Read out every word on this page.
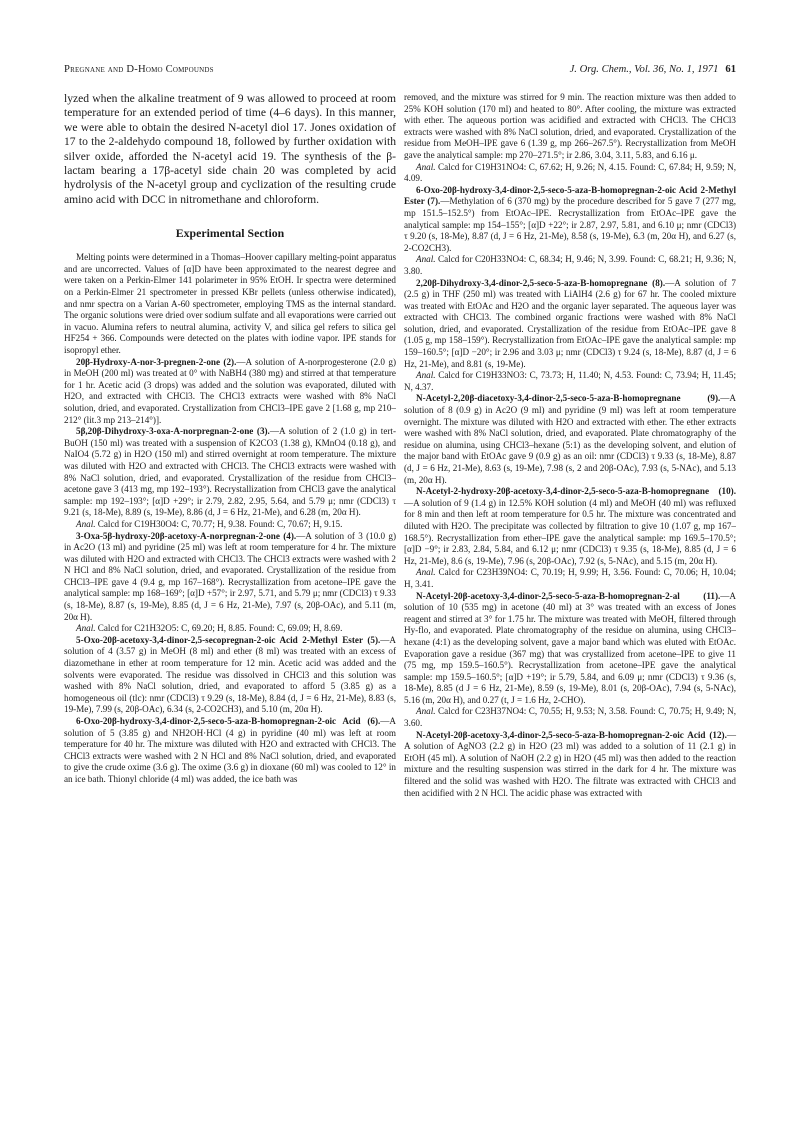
Pregnane and D-Homo Compounds	J. Org. Chem., Vol. 36, No. 1, 1971 61

lyzed when the alkaline treatment of 9 was allowed to proceed at room temperature for an extended period of time (4–6 days). In this manner, we were able to obtain the desired N-acetyl diol 17. Jones oxidation of 17 to the 2-aldehydo compound 18, followed by further oxidation with silver oxide, afforded the N-acetyl acid 19. The synthesis of the β-lactam bearing a 17β-acetyl side chain 20 was completed by acid hydrolysis of the N-acetyl group and cyclization of the resulting crude amino acid with DCC in nitromethane and chloroform.

Experimental Section

Melting points were determined in a Thomas–Hoover capillary melting-point apparatus and are uncorrected. Values of [α]D have been approximated to the nearest degree and were taken on a Perkin-Elmer 141 polarimeter in 95% EtOH. Ir spectra were determined on a Perkin-Elmer 21 spectrometer in pressed KBr pellets (unless otherwise indicated), and nmr spectra on a Varian A-60 spectrometer, employing TMS as the internal standard. The organic solutions were dried over sodium sulfate and all evaporations were carried out in vacuo. Alumina refers to neutral alumina, activity V, and silica gel refers to silica gel HF254 + 366. Compounds were detected on the plates with iodine vapor. IPE stands for isopropyl ether.

20β-Hydroxy-A-nor-3-pregnen-2-one (2).—A solution of A-norprogesterone (2.0 g) in MeOH (200 ml) was treated at 0° with NaBH4 (380 mg) and stirred at that temperature for 1 hr. Acetic acid (3 drops) was added and the solution was evaporated, diluted with H2O, and extracted with CHCl3. The CHCl3 extracts were washed with 8% NaCl solution, dried, and evaporated. Crystallization from CHCl3–IPE gave 2 [1.68 g, mp 210–212° (lit.3 mp 213–214°)].

5β,20β-Dihydroxy-3-oxa-A-norpregnan-2-one (3).—A solution of 2 (1.0 g) in tert-BuOH (150 ml) was treated with a suspension of K2CO3 (1.38 g), KMnO4 (0.18 g), and NaIO4 (5.72 g) in H2O (150 ml) and stirred overnight at room temperature. The mixture was diluted with H2O and extracted with CHCl3. The CHCl3 extracts were washed with 8% NaCl solution, dried, and evaporated. Crystallization of the residue from CHCl3–acetone gave 3 (413 mg, mp 192–193°). Recrystallization from CHCl3 gave the analytical sample: mp 192–193°; [α]D +29°; ir 2.79, 2.82, 2.95, 5.64, and 5.79 μ; nmr (CDCl3) τ 9.21 (s, 18-Me), 8.89 (s, 19-Me), 8.86 (d, J = 6 Hz, 21-Me), and 6.28 (m, 20α H).

Anal. Calcd for C19H30O4: C, 70.77; H, 9.38. Found: C, 70.67; H, 9.15.

3-Oxa-5β-hydroxy-20β-acetoxy-A-norpregnan-2-one (4).—A solution of 3 (10.0 g) in Ac2O (13 ml) and pyridine (25 ml) was left at room temperature for 4 hr. The mixture was diluted with H2O and extracted with CHCl3. The CHCl3 extracts were washed with 2 N HCl and 8% NaCl solution, dried, and evaporated. Crystallization of the residue from CHCl3–IPE gave 4 (9.4 g, mp 167–168°). Recrystallization from acetone–IPE gave the analytical sample: mp 168–169°; [α]D +57°; ir 2.97, 5.71, and 5.79 μ; nmr (CDCl3) τ 9.33 (s, 18-Me), 8.87 (s, 19-Me), 8.85 (d, J = 6 Hz, 21-Me), 7.97 (s, 20β-OAc), and 5.11 (m, 20α H).

Anal. Calcd for C21H32O5: C, 69.20; H, 8.85. Found: C, 69.09; H, 8.69.

5-Oxo-20β-acetoxy-3,4-dinor-2,5-secopregnan-2-oic Acid 2-Methyl Ester (5).—A solution of 4 (3.57 g) in MeOH (8 ml) and ether (8 ml) was treated with an excess of diazomethane in ether at room temperature for 12 min. Acetic acid was added and the solvents were evaporated. The residue was dissolved in CHCl3 and this solution was washed with 8% NaCl solution, dried, and evaporated to afford 5 (3.85 g) as a homogeneous oil (tlc): nmr (CDCl3) τ 9.29 (s, 18-Me), 8.84 (d, J = 6 Hz, 21-Me), 8.83 (s, 19-Me), 7.99 (s, 20β-OAc), 6.34 (s, 2-CO2CH3), and 5.10 (m, 20α H).

6-Oxo-20β-hydroxy-3,4-dinor-2,5-seco-5-aza-B-homopregnan-2-oic Acid (6).—A solution of 5 (3.85 g) and NH2OH·HCl (4 g) in pyridine (40 ml) was left at room temperature for 40 hr. The mixture was diluted with H2O and extracted with CHCl3. The CHCl3 extracts were washed with 2 N HCl and 8% NaCl solution, dried, and evaporated to give the crude oxime (3.6 g). The oxime (3.6 g) in dioxane (60 ml) was cooled to 12° in an ice bath. Thionyl chloride (4 ml) was added, the ice bath was

removed, and the mixture was stirred for 9 min. The reaction mixture was then added to 25% KOH solution (170 ml) and heated to 80°. After cooling, the mixture was extracted with ether. The aqueous portion was acidified and extracted with CHCl3. The CHCl3 extracts were washed with 8% NaCl solution, dried, and evaporated. Crystallization of the residue from MeOH–IPE gave 6 (1.39 g, mp 266–267.5°). Recrystallization from MeOH gave the analytical sample: mp 270–271.5°; ir 2.86, 3.04, 3.11, 5.83, and 6.16 μ.

Anal. Calcd for C19H31NO4: C, 67.62; H, 9.26; N, 4.15. Found: C, 67.84; H, 9.59; N, 4.09.

6-Oxo-20β-hydroxy-3,4-dinor-2,5-seco-5-aza-B-homopregnan-2-oic Acid 2-Methyl Ester (7).—Methylation of 6 (370 mg) by the procedure described for 5 gave 7 (277 mg, mp 151.5–152.5°) from EtOAc–IPE. Recrystallization from EtOAc–IPE gave the analytical sample: mp 154–155°; [α]D +22°; ir 2.87, 2.97, 5.81, and 6.10 μ; nmr (CDCl3) τ 9.20 (s, 18-Me), 8.87 (d, J = 6 Hz, 21-Me), 8.58 (s, 19-Me), 6.3 (m, 20α H), and 6.27 (s, 2-CO2CH3).

Anal. Calcd for C20H33NO4: C, 68.34; H, 9.46; N, 3.99. Found: C, 68.21; H, 9.36; N, 3.80.

2,20β-Dihydroxy-3,4-dinor-2,5-seco-5-aza-B-homopregnane (8).—A solution of 7 (2.5 g) in THF (250 ml) was treated with LiAlH4 (2.6 g) for 67 hr. The cooled mixture was treated with EtOAc and H2O and the organic layer separated. The aqueous layer was extracted with CHCl3. The combined organic fractions were washed with 8% NaCl solution, dried, and evaporated. Crystallization of the residue from EtOAc–IPE gave 8 (1.05 g, mp 158–159°). Recrystallization from EtOAc–IPE gave the analytical sample: mp 159–160.5°; [α]D −20°; ir 2.96 and 3.03 μ; nmr (CDCl3) τ 9.24 (s, 18-Me), 8.87 (d, J = 6 Hz, 21-Me), and 8.81 (s, 19-Me).

Anal. Calcd for C19H33NO3: C, 73.73; H, 11.40; N, 4.53. Found: C, 73.94; H, 11.45; N, 4.37.

N-Acetyl-2,20β-diacetoxy-3,4-dinor-2,5-seco-5-aza-B-homopregnane (9).—A solution of 8 (0.9 g) in Ac2O (9 ml) and pyridine (9 ml) was left at room temperature overnight. The mixture was diluted with H2O and extracted with ether. The ether extracts were washed with 8% NaCl solution, dried, and evaporated. Plate chromatography of the residue on alumina, using CHCl3–hexane (5:1) as the developing solvent, and elution of the major band with EtOAc gave 9 (0.9 g) as an oil: nmr (CDCl3) τ 9.33 (s, 18-Me), 8.87 (d, J = 6 Hz, 21-Me), 8.63 (s, 19-Me), 7.98 (s, 2 and 20β-OAc), 7.93 (s, 5-NAc), and 5.13 (m, 20α H).

N-Acetyl-2-hydroxy-20β-acetoxy-3,4-dinor-2,5-seco-5-aza-B-homopregnane (10).—A solution of 9 (1.4 g) in 12.5% KOH solution (4 ml) and MeOH (40 ml) was refluxed for 8 min and then left at room temperature for 0.5 hr. The mixture was concentrated and diluted with H2O. The precipitate was collected by filtration to give 10 (1.07 g, mp 167–168.5°). Recrystallization from ether–IPE gave the analytical sample: mp 169.5–170.5°; [α]D −9°; ir 2.83, 2.84, 5.84, and 6.12 μ; nmr (CDCl3) τ 9.35 (s, 18-Me), 8.85 (d, J = 6 Hz, 21-Me), 8.6 (s, 19-Me), 7.96 (s, 20β-OAc), 7.92 (s, 5-NAc), and 5.15 (m, 20α H).

Anal. Calcd for C23H39NO4: C, 70.19; H, 9.99; H, 3.56. Found: C, 70.06; H, 10.04; H, 3.41.

N-Acetyl-20β-acetoxy-3,4-dinor-2,5-seco-5-aza-B-homopregnan-2-al (11).—A solution of 10 (535 mg) in acetone (40 ml) at 3° was treated with an excess of Jones reagent and stirred at 3° for 1.75 hr. The mixture was treated with MeOH, filtered through Hy-flo, and evaporated. Plate chromatography of the residue on alumina, using CHCl3–hexane (4:1) as the developing solvent, gave a major band which was eluted with EtOAc. Evaporation gave a residue (367 mg) that was crystallized from acetone–IPE to give 11 (75 mg, mp 159.5–160.5°). Recrystallization from acetone–IPE gave the analytical sample: mp 159.5–160.5°; [α]D +19°; ir 5.79, 5.84, and 6.09 μ; nmr (CDCl3) τ 9.36 (s, 18-Me), 8.85 (d J = 6 Hz, 21-Me), 8.59 (s, 19-Me), 8.01 (s, 20β-OAc), 7.94 (s, 5-NAc), 5.16 (m, 20α H), and 0.27 (t, J = 1.6 Hz, 2-CHO).

Anal. Calcd for C23H37NO4: C, 70.55; H, 9.53; N, 3.58. Found: C, 70.75; H, 9.49; N, 3.60.

N-Acetyl-20β-acetoxy-3,4-dinor-2,5-seco-5-aza-B-homopregnan-2-oic Acid (12).—A solution of AgNO3 (2.2 g) in H2O (23 ml) was added to a solution of 11 (2.1 g) in EtOH (45 ml). A solution of NaOH (2.2 g) in H2O (45 ml) was then added to the reaction mixture and the resulting suspension was stirred in the dark for 4 hr. The mixture was filtered and the solid was washed with H2O. The filtrate was extracted with CHCl3 and then acidified with 2 N HCl. The acidic phase was extracted with
